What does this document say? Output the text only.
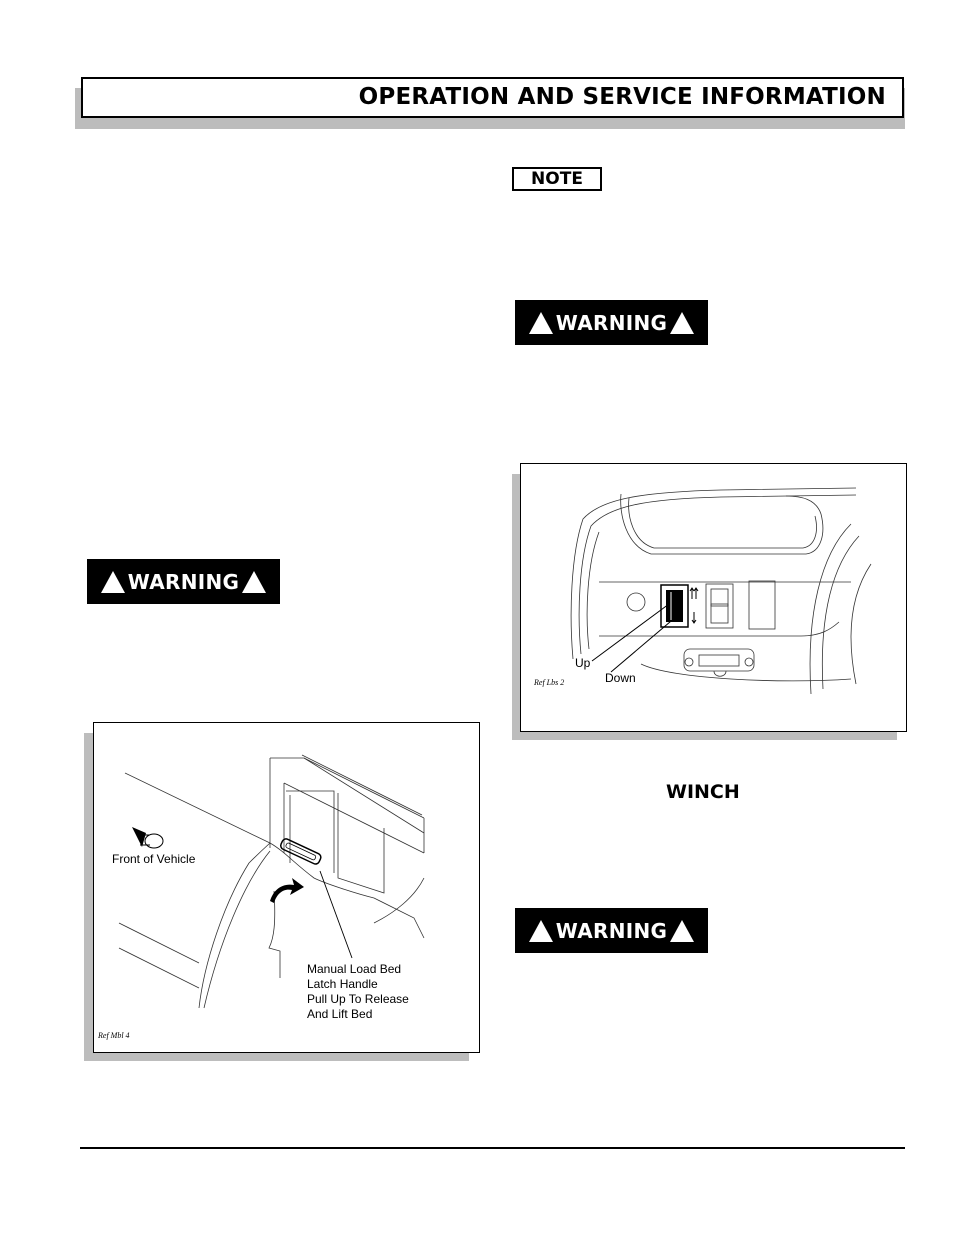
OPERATION AND SERVICE INFORMATION
NOTE
WARNING
WARNING
WARNING
Up
Down
Ref Lbs 2
WINCH
Front of Vehicle
Manual Load Bed
Latch Handle
Pull Up To Release
And Lift Bed
Ref Mbl 4
